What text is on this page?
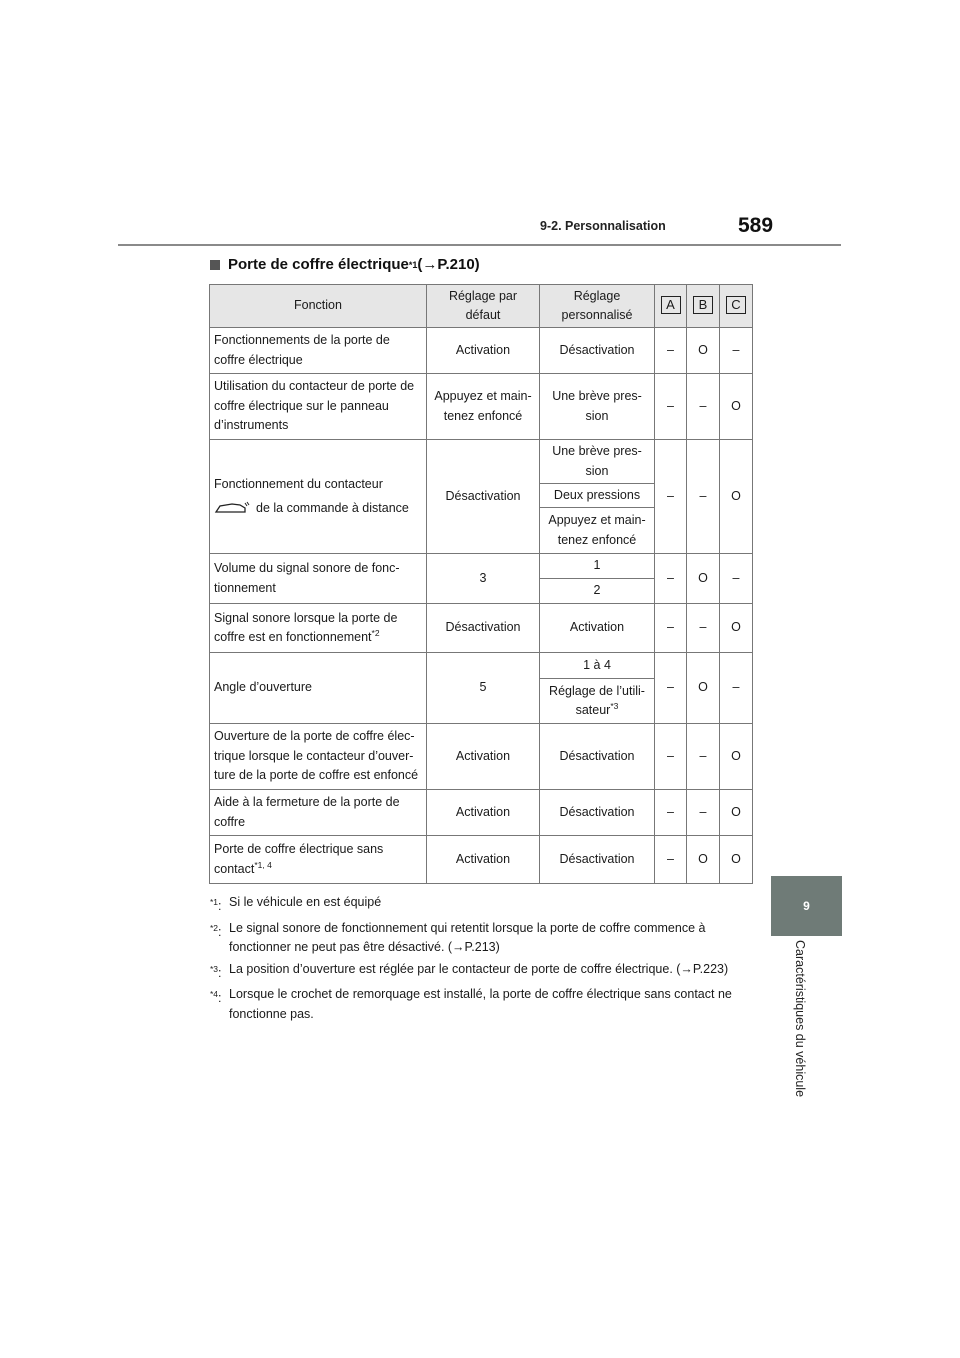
9-2. Personnalisation	589
9
Caractéristiques du véhicule
Porte de coffre électrique *1 (→P.210)
Fonction	Réglage par défaut	Réglage personnalisé	A	B	C
Fonctionnements de la porte de coffre électrique	Activation	Désactivation	–	O	–
Utilisation du contacteur de porte de coffre électrique sur le panneau d’instruments	Appuyez et main-tenez enfoncé	Une brève pres-sion	–	–	O

Fonctionnement du contacteur
de la commande à distance	Désactivation	Une brève pres-sion	–	–	O
		Deux pressions			
		Appuyez et main-tenez enfoncé			
Volume du signal sonore de fonc-tionnement	3	1	–	O	–
		2			
Signal sonore lorsque la porte de coffre est en fonctionnement$^{*2}$	Désactivation	Activation	–	–	O
Angle d’ouverture	5	1 à 4	–	O	–
		Réglage de l’utili-sateur$^{*3}$
Ouverture de la porte de coffre élec-trique lorsque le contacteur d’ouver-ture de la porte de coffre est enfoncé	Activation	Désactivation	–	–	O
Aide à la fermeture de la porte de coffre	Activation	Désactivation	–	–	O
Porte de coffre électrique sans contact$^{*1, 4}$	Activation	Désactivation	–	O	O
$^{*1}$: Si le véhicule en est équipé
$^{*2}$: Le signal sonore de fonctionnement qui retentit lorsque la porte de coffre commence à fonctionner ne peut pas être désactivé. (→P.213)
$^{*3}$: La position d’ouverture est réglée par le contacteur de porte de coffre électrique. (→P.223)
$^{*4}$: Lorsque le crochet de remorquage est installé, la porte de coffre électrique sans contact ne fonctionne pas.
